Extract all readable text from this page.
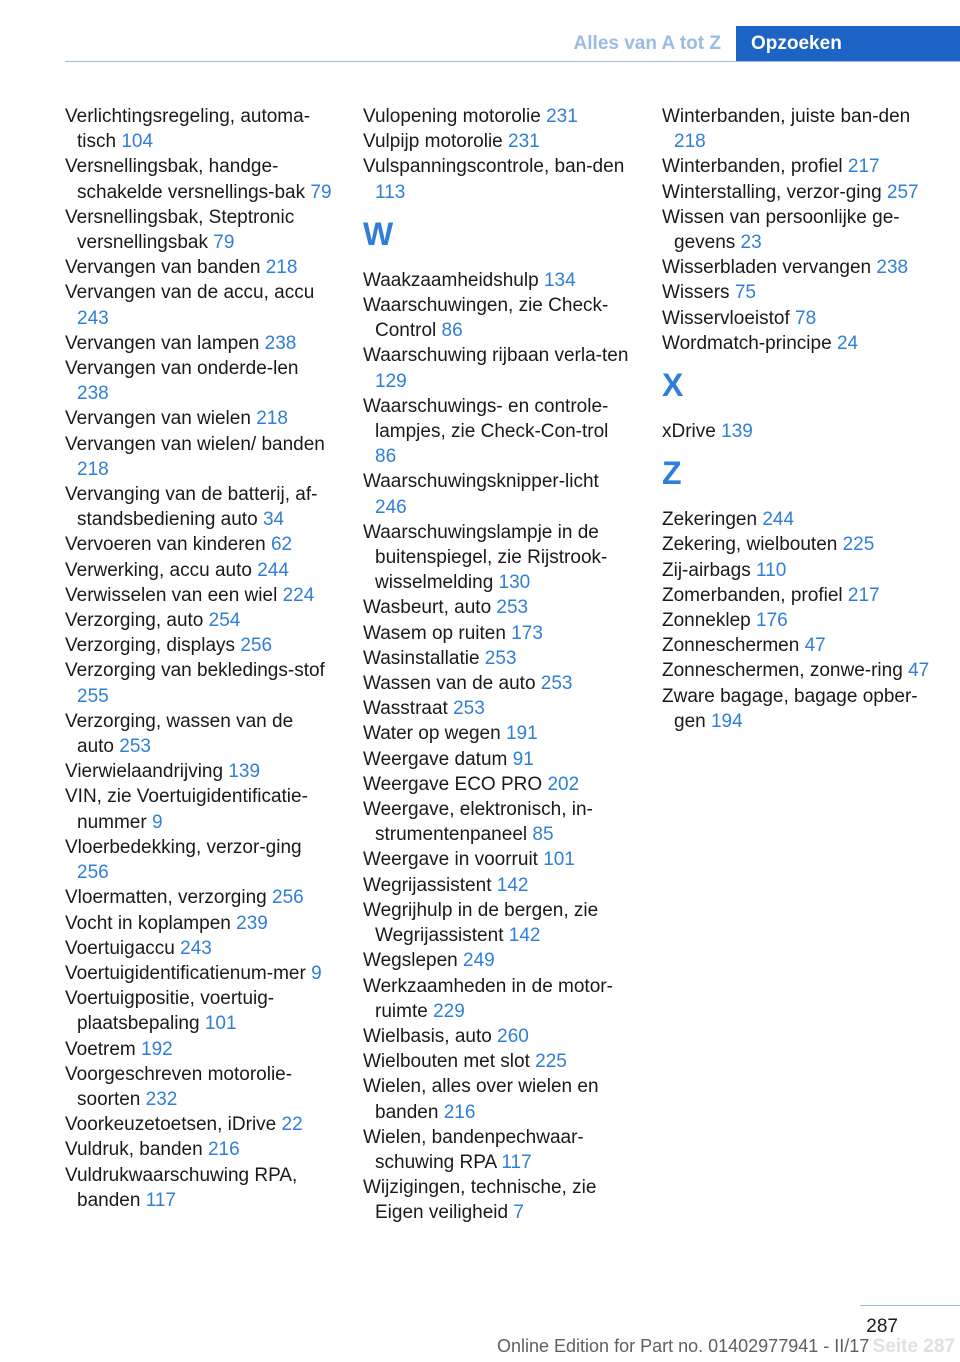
Alles van A tot Z	Opzoeken
Verlichtingsregeling, automa-tisch 104
Versnellingsbak, handge-schakelde versnellings-bak 79
Versnellingsbak, Steptronic versnellingsbak 79
Vervangen van banden 218
Vervangen van de accu, accu 243
Vervangen van lampen 238
Vervangen van onderde-len 238
Vervangen van wielen 218
Vervangen van wielen/ banden 218
Vervanging van de batterij, af-standsbediening auto 34
Vervoeren van kinderen 62
Verwerking, accu auto 244
Verwisselen van een wiel 224
Verzorging, auto 254
Verzorging, displays 256
Verzorging van bekledings-stof 255
Verzorging, wassen van de auto 253
Vierwielaandrijving 139
VIN, zie Voertuigidentificatie-nummer 9
Vloerbedekking, verzor-ging 256
Vloermatten, verzorging 256
Vocht in koplampen 239
Voertuigaccu 243
Voertuigidentificatienum-mer 9
Voertuigpositie, voertuig-plaatsbepaling 101
Voetrem 192
Voorgeschreven motorolie-soorten 232
Voorkeuzetoetsen, iDrive 22
Vuldruk, banden 216
Vuldrukwaarschuwing RPA, banden 117
Vulopening motorolie 231
Vulpijp motorolie 231
Vulspanningscontrole, ban-den 113
W
Waakzaamheidshulp 134
Waarschuwingen, zie Check-Control 86
Waarschuwing rijbaan verla-ten 129
Waarschuwings- en controle-lampjes, zie Check-Con-trol 86
Waarschuwingsknipper-licht 246
Waarschuwingslampje in de buitenspiegel, zie Rijstrook-wisselmelding 130
Wasbeurt, auto 253
Wasem op ruiten 173
Wasinstallatie 253
Wassen van de auto 253
Wasstraat 253
Water op wegen 191
Weergave datum 91
Weergave ECO PRO 202
Weergave, elektronisch, in-strumentenpaneel 85
Weergave in voorruit 101
Wegrijassistent 142
Wegrijhulp in de bergen, zie Wegrijassistent 142
Wegslepen 249
Werkzaamheden in de motor-ruimte 229
Wielbasis, auto 260
Wielbouten met slot 225
Wielen, alles over wielen en banden 216
Wielen, bandenpechwaar-schuwing RPA 117
Wijzigingen, technische, zie Eigen veiligheid 7
Winterbanden, juiste ban-den 218
Winterbanden, profiel 217
Winterstalling, verzor-ging 257
Wissen van persoonlijke ge-gevens 23
Wisserbladen vervangen 238
Wissers 75
Wisservloeistof 78
Wordmatch-principe 24
X
xDrive 139
Z
Zekeringen 244
Zekering, wielbouten 225
Zij-airbags 110
Zomerbanden, profiel 217
Zonneklep 176
Zonneschermen 47
Zonneschermen, zonwe-ring 47
Zware bagage, bagage opber-gen 194
287
Online Edition for Part no. 01402977941 - II/17 Seite 287
